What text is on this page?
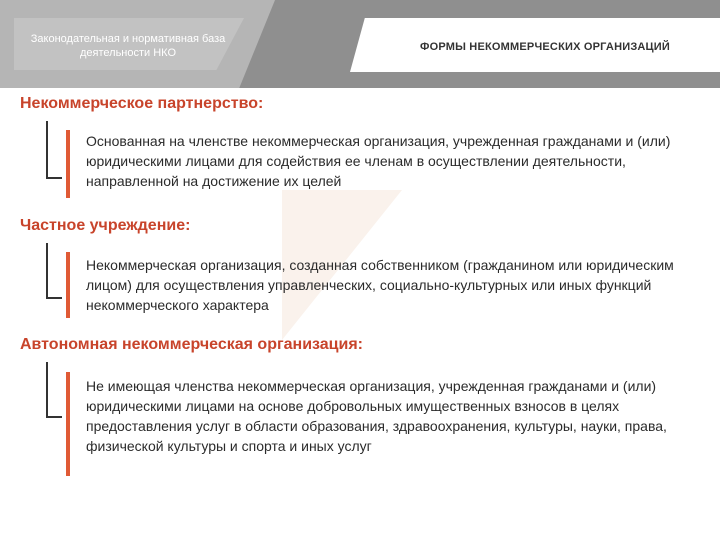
Законодательная и нормативная база деятельности НКО	ФОРМЫ НЕКОММЕРЧЕСКИХ ОРГАНИЗАЦИЙ
Некоммерческое партнерство:
Основанная на членстве некоммерческая организация, учрежденная гражданами и (или) юридическими лицами для содействия ее членам в осуществлении деятельности, направленной на достижение их целей
Частное учреждение:
Некоммерческая организация, созданная собственником (гражданином или юридическим лицом) для осуществления управленческих, социально-культурных или иных функций некоммерческого характера
Автономная некоммерческая организация:
Не имеющая членства некоммерческая организация, учрежденная гражданами и (или) юридическими лицами на основе добровольных имущественных взносов в целях предоставления услуг в области образования, здравоохранения, культуры, науки, права, физической культуры и спорта и иных услуг
